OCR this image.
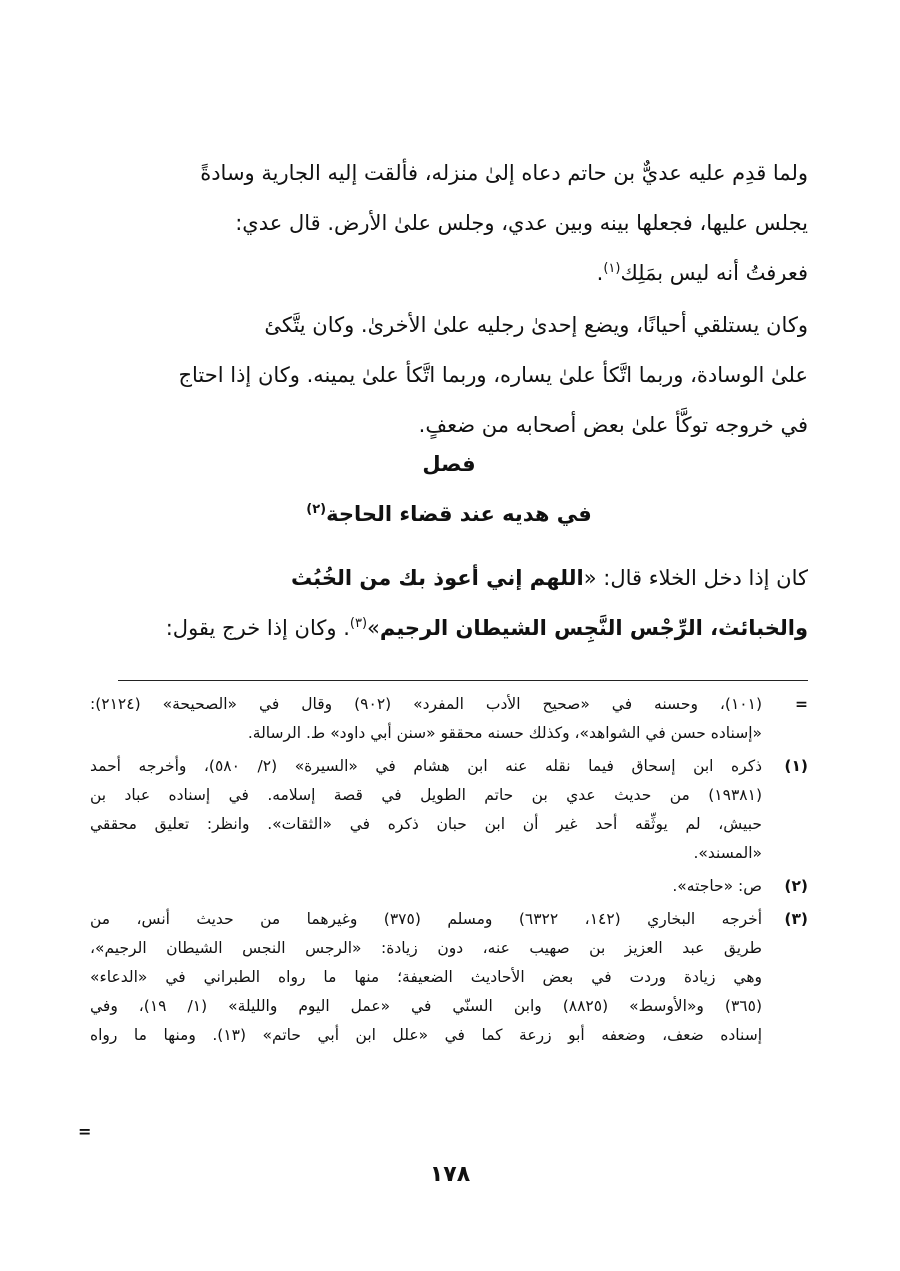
ولما قدِم عليه عديٌّ بن حاتم دعاه إلىٰ منزله، فألقت إليه الجارية وسادةً
يجلس عليها، فجعلها بينه وبين عدي، وجلس علىٰ الأرض. قال عدي:
فعرفتُ أنه ليس بمَلِك$^{(١)}$.
وكان يستلقي أحيانًا، ويضع إحدىٰ رجليه علىٰ الأخرىٰ. وكان يتَّكئ
علىٰ الوسادة، وربما اتَّكأ علىٰ يساره، وربما اتَّكأ علىٰ يمينه. وكان إذا احتاج
في خروجه توكَّأ علىٰ بعض أصحابه من ضعفٍ.
فصل
في هديه عند قضاء الحاجة$^{(٢)}$
كان إذا دخل الخلاء قال: «اللهم إني أعوذ بك من الخُبُث
والخبائث، الرِّجْس النَّجِس الشيطان الرجيم»$^{(٣)}$. وكان إذا خرج يقول:
=
(١٠١)، وحسنه في «صحيح الأدب المفرد» (٩٠٢) وقال في «الصحيحة» (٢١٢٤):
«إسناده حسن في الشواهد»، وكذلك حسنه محققو «سنن أبي داود» ط. الرسالة.
(١)
ذكره ابن إسحاق فيما نقله عنه ابن هشام في «السيرة» (٢/ ٥٨٠)، وأخرجه أحمد
(١٩٣٨١) من حديث عدي بن حاتم الطويل في قصة إسلامه. في إسناده عباد بن
حبيش، لم يوثِّقه أحد غير أن ابن حبان ذكره في «الثقات». وانظر: تعليق محققي
«المسند».
(٢)
ص: «حاجته».
(٣)
أخرجه البخاري (١٤٢، ٦٣٢٢) ومسلم (٣٧٥) وغيرهما من حديث أنس، من
طريق عبد العزيز بن صهيب عنه، دون زيادة: «الرجس النجس الشيطان الرجيم»،
وهي زيادة وردت في بعض الأحاديث الضعيفة؛ منها ما رواه الطبراني في «الدعاء»
(٣٦٥) و«الأوسط» (٨٨٢٥) وابن السنّي في «عمل اليوم والليلة» (١/ ١٩)، وفي
إسناده ضعف، وضعفه أبو زرعة كما في «علل ابن أبي حاتم» (١٣). ومنها ما رواه
=
١٧٨
